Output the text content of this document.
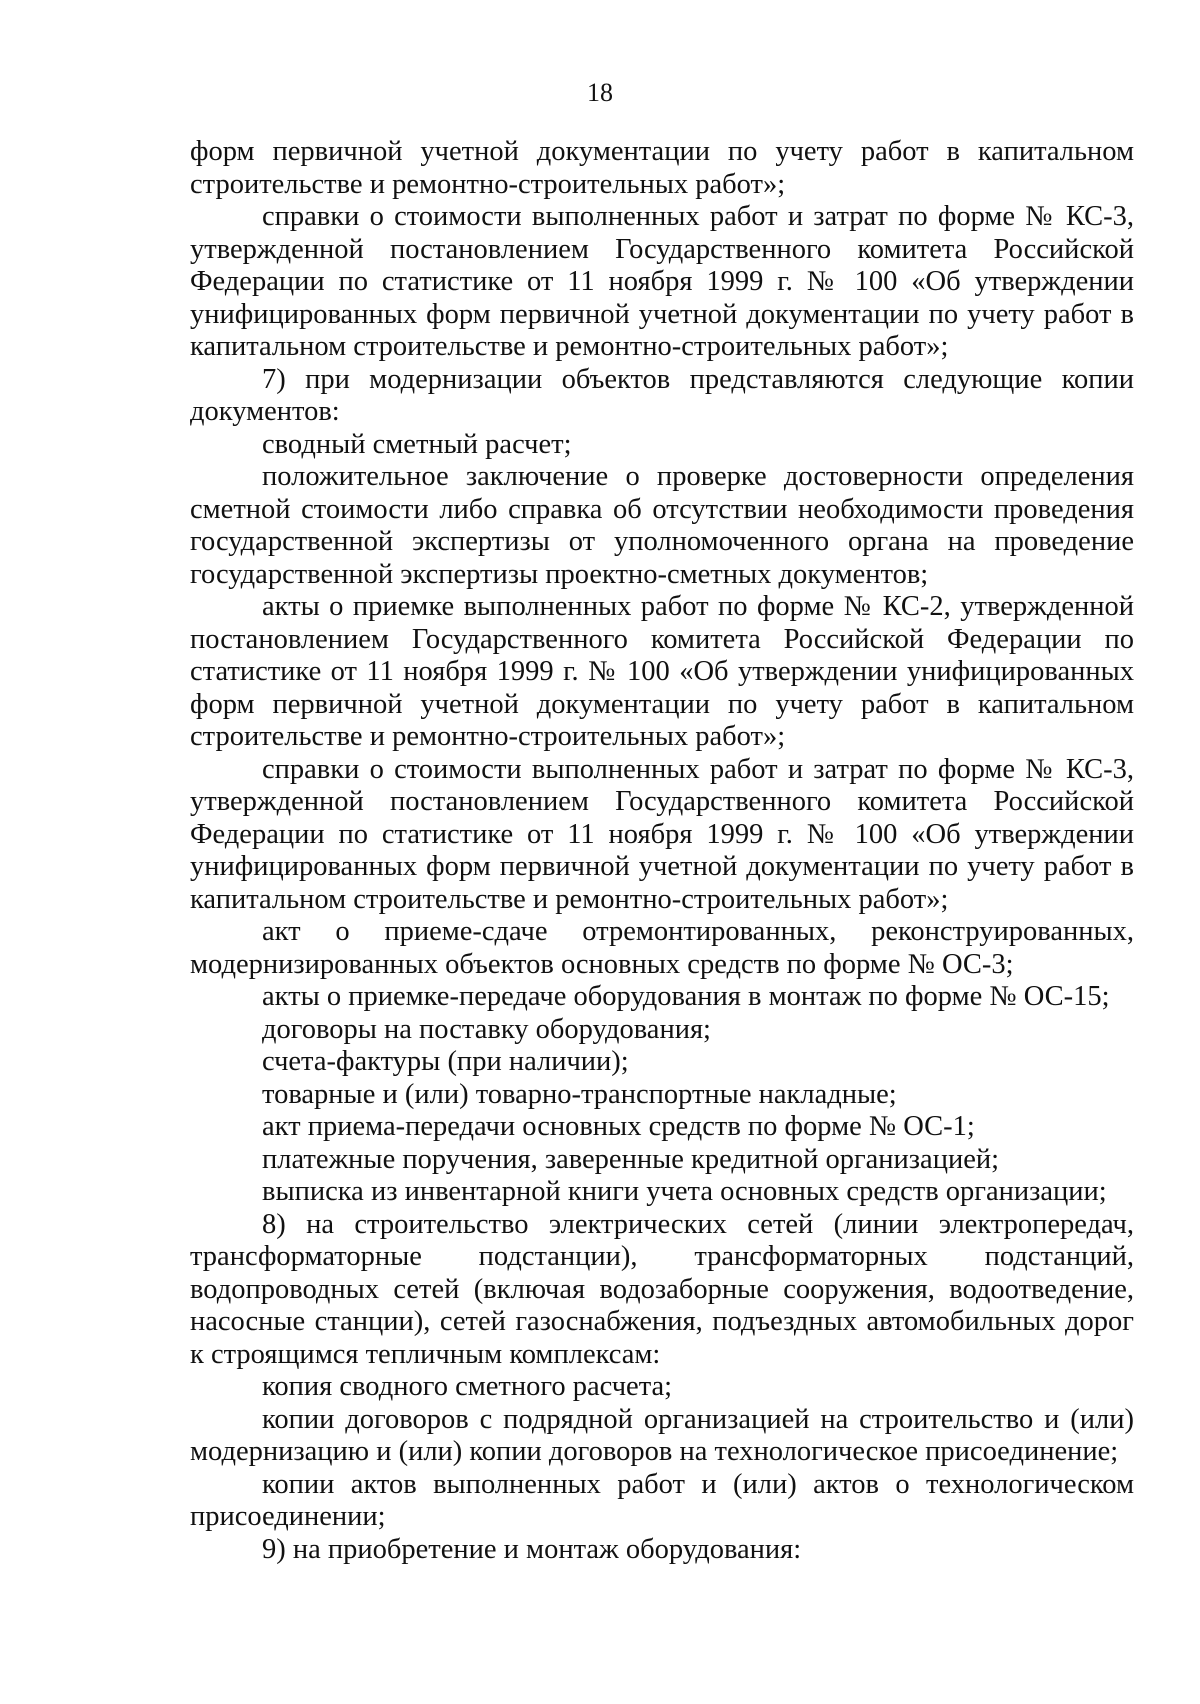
18

форм первичной учетной документации по учету работ в капитальном строительстве и ремонтно-строительных работ»;

справки о стоимости выполненных работ и затрат по форме № КС-3, утвержденной постановлением Государственного комитета Российской Федерации по статистике от 11 ноября 1999 г. № 100 «Об утверждении унифицированных форм первичной учетной документации по учету работ в капитальном строительстве и ремонтно-строительных работ»;

7) при модернизации объектов представляются следующие копии документов:

сводный сметный расчет;

положительное заключение о проверке достоверности определения сметной стоимости либо справка об отсутствии необходимости проведения государственной экспертизы от уполномоченного органа на проведение государственной экспертизы проектно-сметных документов;

акты о приемке выполненных работ по форме № КС-2, утвержденной постановлением Государственного комитета Российской Федерации по статистике от 11 ноября 1999 г. № 100 «Об утверждении унифицированных форм первичной учетной документации по учету работ в капитальном строительстве и ремонтно-строительных работ»;

справки о стоимости выполненных работ и затрат по форме № КС-3, утвержденной постановлением Государственного комитета Российской Федерации по статистике от 11 ноября 1999 г. № 100 «Об утверждении унифицированных форм первичной учетной документации по учету работ в капитальном строительстве и ремонтно-строительных работ»;

акт о приеме-сдаче отремонтированных, реконструированных, модернизированных объектов основных средств по форме № ОС-3;

акты о приемке-передаче оборудования в монтаж по форме № ОС-15;

договоры на поставку оборудования;

счета-фактуры (при наличии);

товарные и (или) товарно-транспортные накладные;

акт приема-передачи основных средств по форме № ОС-1;

платежные поручения, заверенные кредитной организацией;

выписка из инвентарной книги учета основных средств организации;

8) на строительство электрических сетей (линии электропередач, трансформаторные подстанции), трансформаторных подстанций, водопроводных сетей (включая водозаборные сооружения, водоотведение, насосные станции), сетей газоснабжения, подъездных автомобильных дорог к строящимся тепличным комплексам:

копия сводного сметного расчета;

копии договоров с подрядной организацией на строительство и (или) модернизацию и (или) копии договоров на технологическое присоединение;

копии актов выполненных работ и (или) актов о технологическом присоединении;

9) на приобретение и монтаж оборудования:
